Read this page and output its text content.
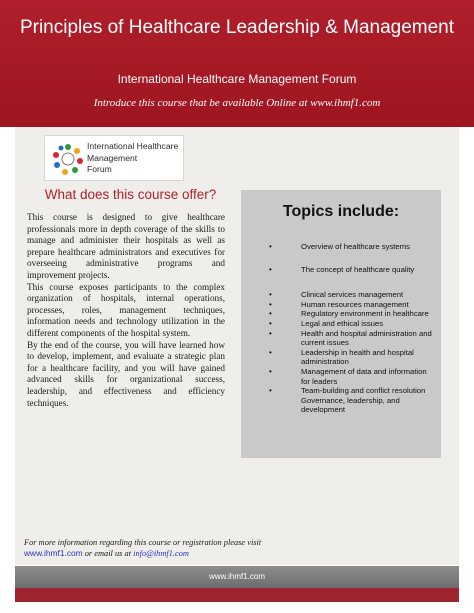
Principles of Healthcare Leadership & Management
International Healthcare Management Forum
Introduce this course that be available Online at www.ihmf1.com
International Healthcare
Management
Forum
What does this course offer?

This course is designed to give healthcare professionals more in depth coverage of the skills to manage and administer their hospitals as well as prepare healthcare administrators and executives for overseeing administrative programs and improvement projects.

This course exposes participants to the complex organization of hospitals, internal operations, processes, roles, management techniques, information needs and technology utilization in the different components of the hospital system.

By the end of the course, you will have learned how to develop, implement, and evaluate a strategic plan for a healthcare facility, and you will have gained advanced skills for organizational success, leadership, and effectiveness and efficiency techniques.

Topics include:
•	Overview of healthcare systems
•	The concept of healthcare quality
•	Clinical services management
•	Human resources management
•	Regulatory environment in healthcare
•	Legal and ethical issues
•	Health and hospital administration and current issues
•	Leadership in health and hospital administration
•	Management of data and information for leaders
•	Team-building and conflict resolution
Governance, leadership, and development
For more information regarding this course or registration please visit
www.ihmf1.com or email us at info@ihmf1.com
www.ihmf1.com
